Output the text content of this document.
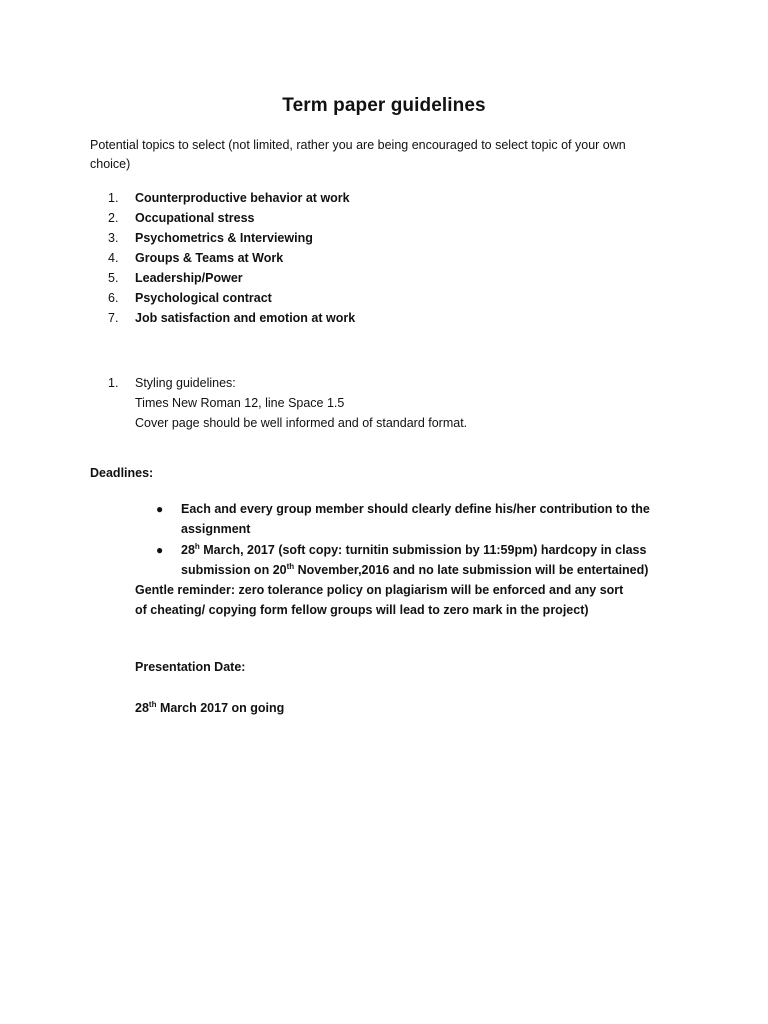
Term paper guidelines
Potential topics to select (not limited, rather you are being encouraged to select topic of your own choice)
1. Counterproductive behavior at work
2. Occupational stress
3. Psychometrics & Interviewing
4. Groups & Teams at Work
5. Leadership/Power
6. Psychological contract
7. Job satisfaction and emotion at work
1. Styling guidelines:
Times New Roman 12, line Space 1.5
Cover page should be well informed and of standard format.
Deadlines:
● Each and every group member should clearly define his/her contribution to the assignment
● 28$^h$ March, 2017 (soft copy: turnitin submission by 11:59pm) hardcopy in class submission on 20th November,2016 and no late submission will be entertained)
Gentle reminder: zero tolerance policy on plagiarism will be enforced and any sort of cheating/ copying form fellow groups will lead to zero mark in the project)
Presentation Date:
28th March 2017 on going
